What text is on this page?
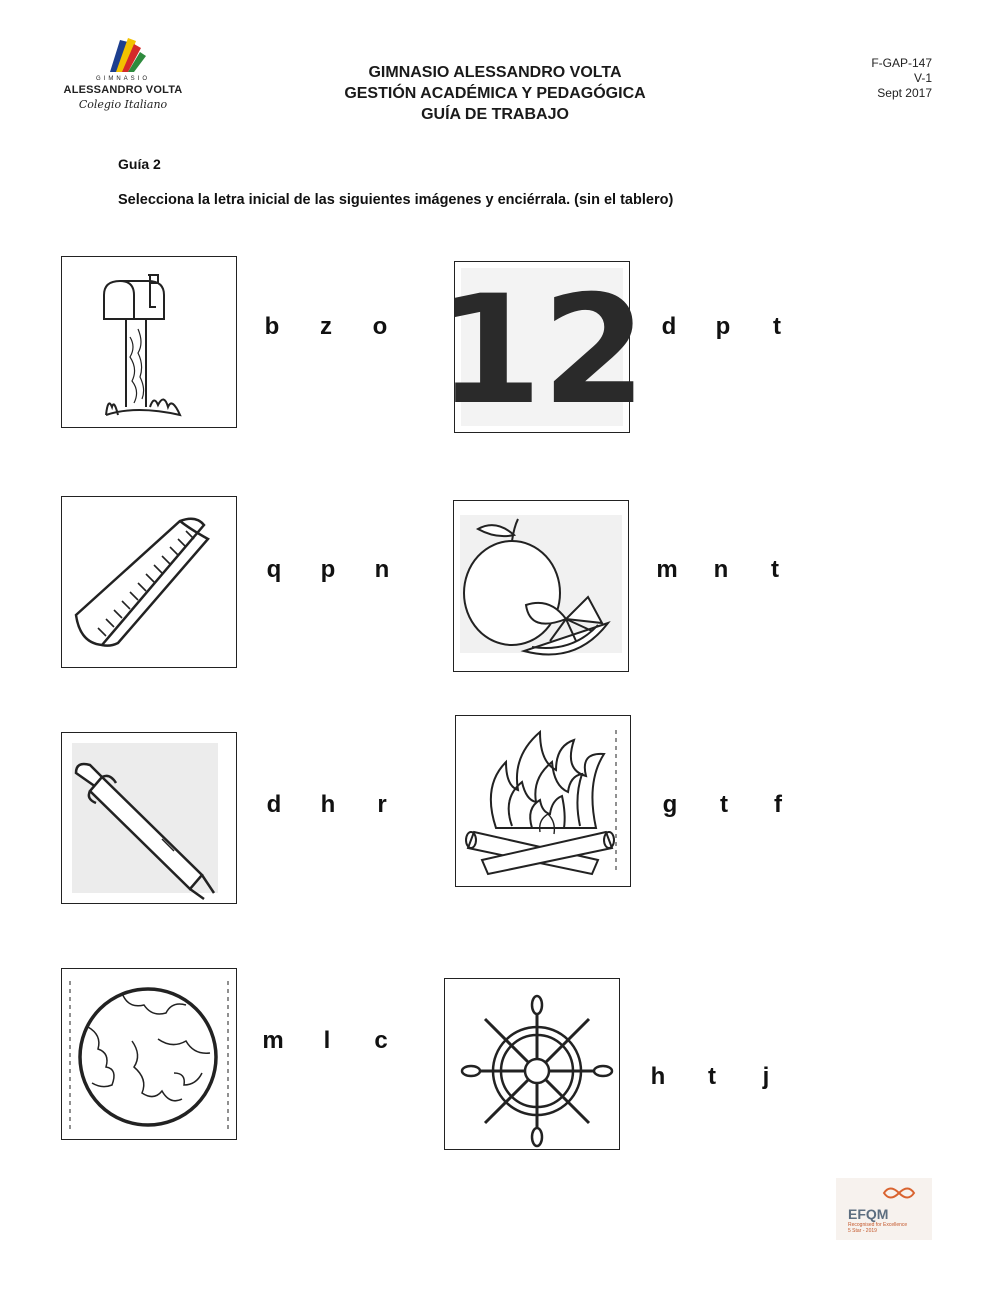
GIMNASIO
ALESSANDRO VOLTA
Colegio Italiano
GIMNASIO ALESSANDRO VOLTA
GESTIÓN ACADÉMICA Y PEDAGÓGICA
GUÍA DE TRABAJO
F-GAP-147
V-1
Sept 2017
Guía 2
Selecciona la letra inicial de las siguientes imágenes y enciérrala. (sin el tablero)
b	z	o 12 d	p	t
q	p	n	m	n	t
d	h	r	g	t	f
m	l	c
h	t	j
EFQM
Recognised for Excellence
5 Star - 2019
